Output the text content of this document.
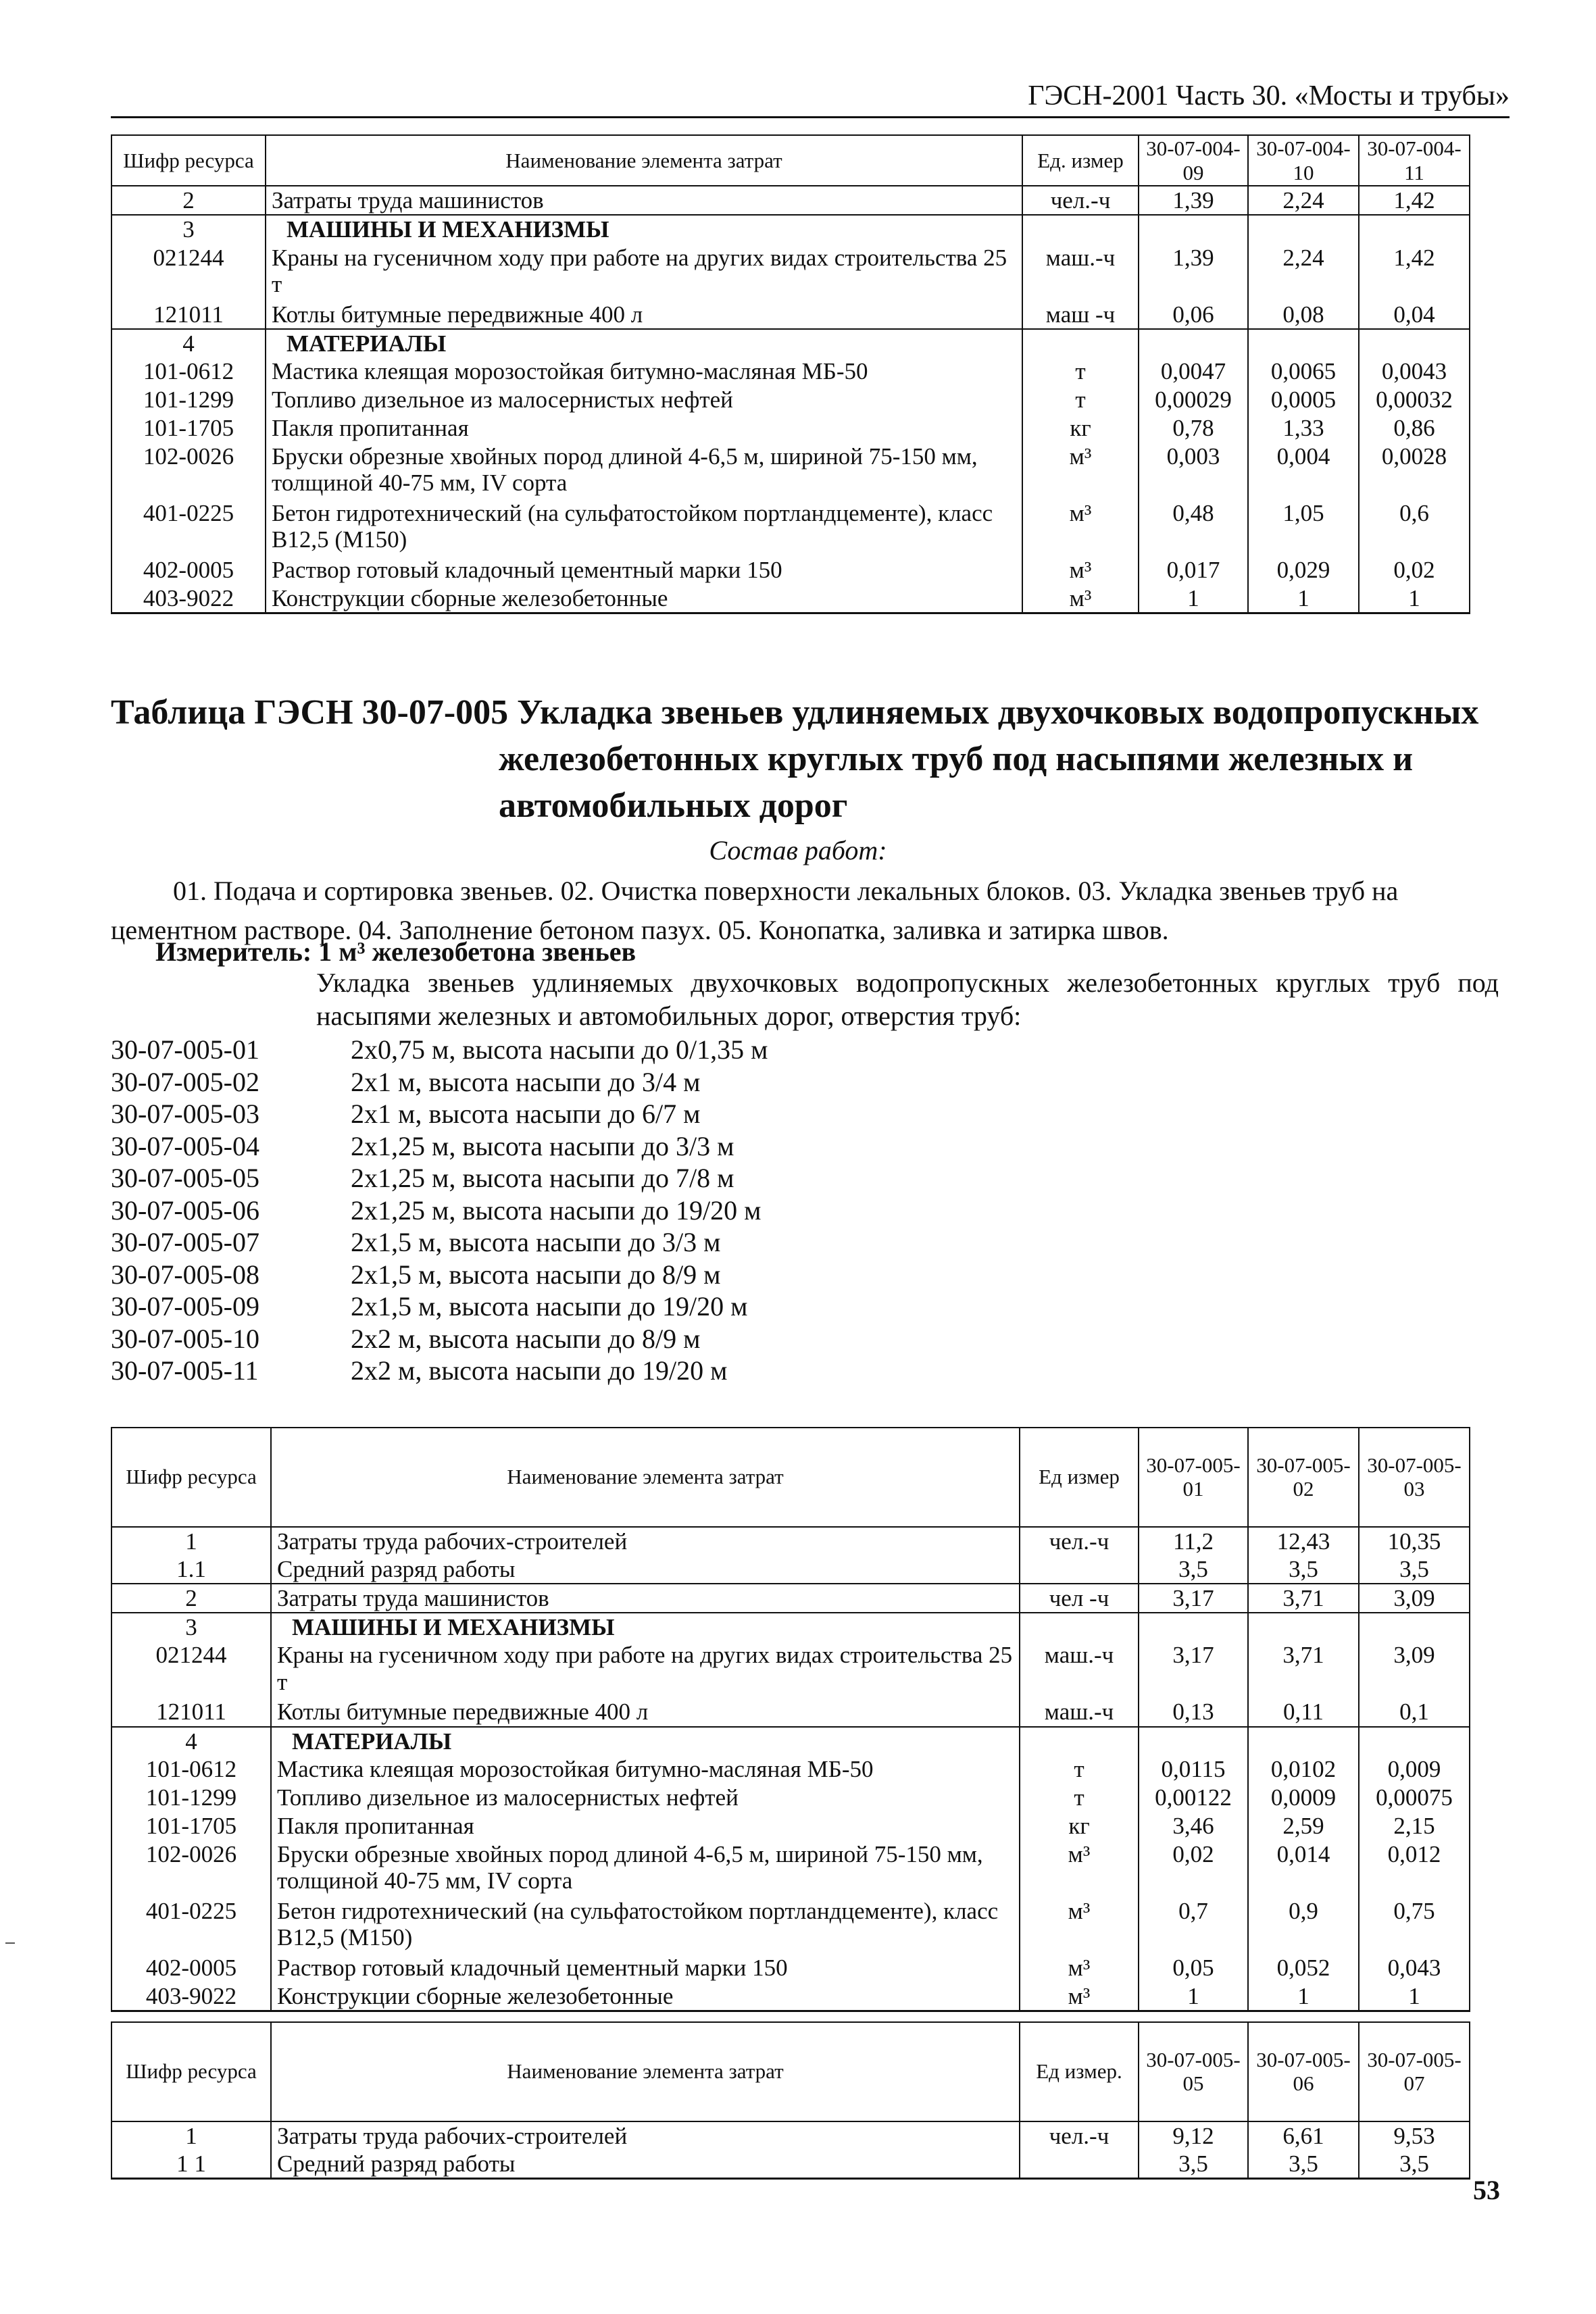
ГЭСН-2001 Часть 30. «Мосты и трубы»
Шифр ресурса	Наименование элемента затрат	Ед. измер	30-07-004-09	30-07-004-10	30-07-004-11
2	Затраты труда машинистов	чел.-ч	1,39	2,24	1,42
3	МАШИНЫ И МЕХАНИЗМЫ				
021244	Краны на гусеничном ходу при работе на других видах строительства 25 т	маш.-ч	1,39	2,24	1,42
121011	Котлы битумные передвижные 400 л	маш -ч	0,06	0,08	0,04
4	МАТЕРИАЛЫ				
101-0612	Мастика клеящая морозостойкая битумно-масляная МБ-50	т	0,0047	0,0065	0,0043
101-1299	Топливо дизельное из малосернистых нефтей	т	0,00029	0,0005	0,00032
101-1705	Пакля пропитанная	кг	0,78	1,33	0,86
102-0026	Бруски обрезные хвойных пород длиной 4-6,5 м, шириной 75-150 мм, толщиной 40-75 мм, IV сорта	м³	0,003	0,004	0,0028
401-0225	Бетон гидротехнический (на сульфатостойком портландцементе), класс В12,5 (М150)	м³	0,48	1,05	0,6
402-0005	Раствор готовый кладочный цементный марки 150	м³	0,017	0,029	0,02
403-9022	Конструкции сборные железобетонные	м³	1	1	1
Таблица ГЭСН 30-07-005 Укладка звеньев удлиняемых двухочковых водопропускных
железобетонных круглых труб под насыпями железных и автомобильных дорог
Состав работ:
01. Подача и сортировка звеньев. 02. Очистка поверхности лекальных блоков. 03. Укладка звеньев труб на цементном растворе. 04. Заполнение бетоном пазух. 05. Конопатка, заливка и затирка швов.
Измеритель: 1 м³ железобетона звеньев
Укладка звеньев удлиняемых двухочковых водопропускных железобетонных круглых труб под насыпями железных и автомобильных дорог, отверстия труб:
30-07-005-01	2х0,75 м, высота насыпи до 0/1,35 м
30-07-005-02	2х1 м, высота насыпи до 3/4 м
30-07-005-03	2х1 м, высота насыпи до 6/7 м
30-07-005-04	2х1,25 м, высота насыпи до 3/3 м
30-07-005-05	2х1,25 м, высота насыпи до 7/8 м
30-07-005-06	2х1,25 м, высота насыпи до 19/20 м
30-07-005-07	2х1,5 м, высота насыпи до 3/3 м
30-07-005-08	2х1,5 м, высота насыпи до 8/9 м
30-07-005-09	2х1,5 м, высота насыпи до 19/20 м
30-07-005-10	2х2 м, высота насыпи до 8/9 м
30-07-005-11	2х2 м, высота насыпи до 19/20 м
Шифр ресурса	Наименование элемента затрат	Ед измер	30-07-005-01	30-07-005-02	30-07-005-03	
1	Затраты труда рабочих-строителей	чел.-ч	11,2	12,43	10,35	
1.1	Средний разряд работы		3,5	3,5	3,5	
2	Затраты труда машинистов	чел -ч	3,17	3,71	3,09	
3	МАШИНЫ И МЕХАНИЗМЫ					
021244	Краны на гусеничном ходу при работе на других видах строительства 25 т	маш.-ч	3,17	3,71	3,09	
121011	Котлы битумные передвижные 400 л	маш.-ч	0,13	0,11	0,1	
4	МАТЕРИАЛЫ					
101-0612	Мастика клеящая морозостойкая битумно-масляная МБ-50	т	0,0115	0,0102	0,009	
101-1299	Топливо дизельное из малосернистых нефтей	т	0,00122	0,0009	0,00075	
101-1705	Пакля пропитанная	кг	3,46	2,59	2,15	
102-0026	Бруски обрезные хвойных пород длиной 4-6,5 м, шириной 75-150 мм, толщиной 40-75 мм, IV сорта	м³	0,02	0,014	0,012	
401-0225	Бетон гидротехнический (на сульфатостойком портландцементе), класс В12,5 (М150)	м³	0,7	0,9	0,75	
402-0005	Раствор готовый кладочный цементный марки 150	м³	0,05	0,052	0,043	
403-9022	Конструкции сборные железобетонные	м³	1	1	1	
Шифр ресурса	Наименование элемента затрат	Ед измер.	30-07-005-05	30-07-005-06	30-07-005-07	
1	Затраты труда рабочих-строителей	чел.-ч	9,12	6,61	9,53	
1 1	Средний разряд работы		3,5	3,5	3,5	
53
